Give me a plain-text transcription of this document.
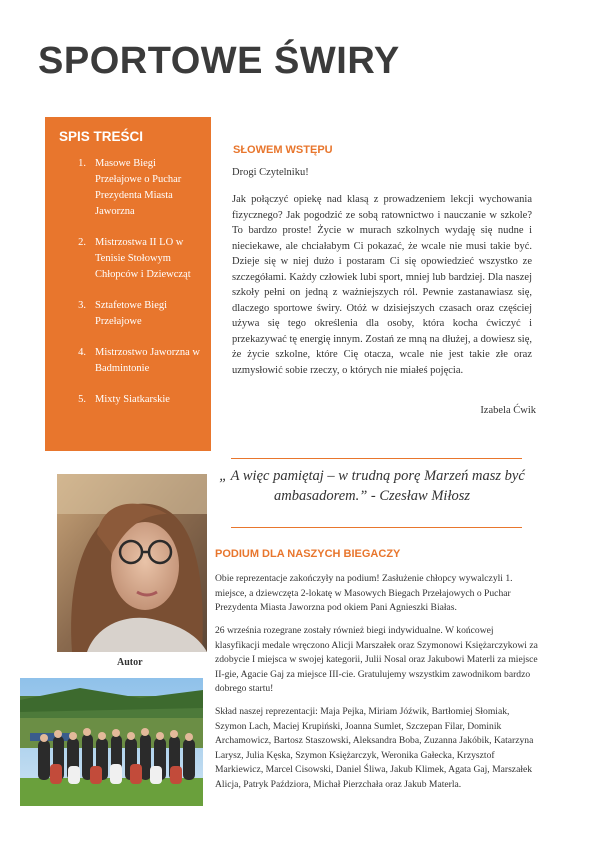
SPORTOWE ŚWIRY
SPIS TREŚCI
1. Masowe Biegi Przełajowe o Puchar Prezydenta Miasta Jaworzna
2. Mistrzostwa II LO w Tenisie Stołowym Chłopców i Dziewcząt
3. Sztafetowe Biegi Przełajowe
4. Mistrzostwo Jaworzna w Badmintonie
5. Mixty Siatkarskie
SŁOWEM WSTĘPU
Drogi Czytelniku!
Jak połączyć opiekę nad klasą z prowadzeniem lekcji wychowania fizycznego? Jak pogodzić ze sobą ratownictwo i nauczanie w szkole? To bardzo proste! Życie w murach szkolnych wydaję się nudne i nieciekawe, ale chciałabym Ci pokazać, że wcale nie musi takie być. Dzieje się w niej dużo i postaram Ci się opowiedzieć wszystko ze szczegółami. Każdy człowiek lubi sport, mniej lub bardziej. Dla naszej szkoły pełni on jedną z ważniejszych ról. Pewnie zastanawiasz się, dlaczego sportowe świry. Otóż w dzisiejszych czasach oraz częściej używa się tego określenia dla osoby, która kocha ćwiczyć i przekazywać tę energię innym. Zostań ze mną na dłużej, a dowiesz się, że życie szkolne, które Cię otacza, wcale nie jest takie złe oraz uzmysłowić sobie rzeczy, o których nie miałeś pojęcia.
Izabela Ćwik
„ A więc pamiętaj – w trudną porę Marzeń masz być ambasadorem.” - Czesław Miłosz
Autor
PODIUM DLA NASZYCH BIEGACZY
Obie reprezentacje zakończyły na podium! Zasłużenie chłopcy wywalczyli 1. miejsce, a dziewczęta 2-lokatę w Masowych Biegach Przełajowych o Puchar Prezydenta Miasta Jaworzna pod okiem Pani Agnieszki Białas.
26 września rozegrane zostały również biegi indywidualne. W końcowej klasyfikacji medale wręczono Alicji Marszałek oraz Szymonowi Księżarczykowi za zdobycie I miejsca w swojej kategorii, Julii Nosal oraz Jakubowi Materli za miejsce II-gie, Agacie Gaj za miejsce III-cie. Gratulujemy wszystkim zawodnikom bardzo dobrego startu!
Skład naszej reprezentacji: Maja Pejka, Miriam Jóźwik, Bartłomiej Słomiak, Szymon Lach, Maciej Krupiński, Joanna Sumlet, Szczepan Filar, Dominik Archamowicz, Bartosz Staszowski, Aleksandra Boba, Zuzanna Jakóbik, Katarzyna Larysz, Julia Kęska, Szymon Księżarczyk, Weronika Gałecka, Krzysztof Markiewicz, Marcel Cisowski, Daniel Śliwa, Jakub Klimek, Agata Gaj, Marszałek Alicja, Patryk Paździora, Michał Pierzchała oraz Jakub Materla.
